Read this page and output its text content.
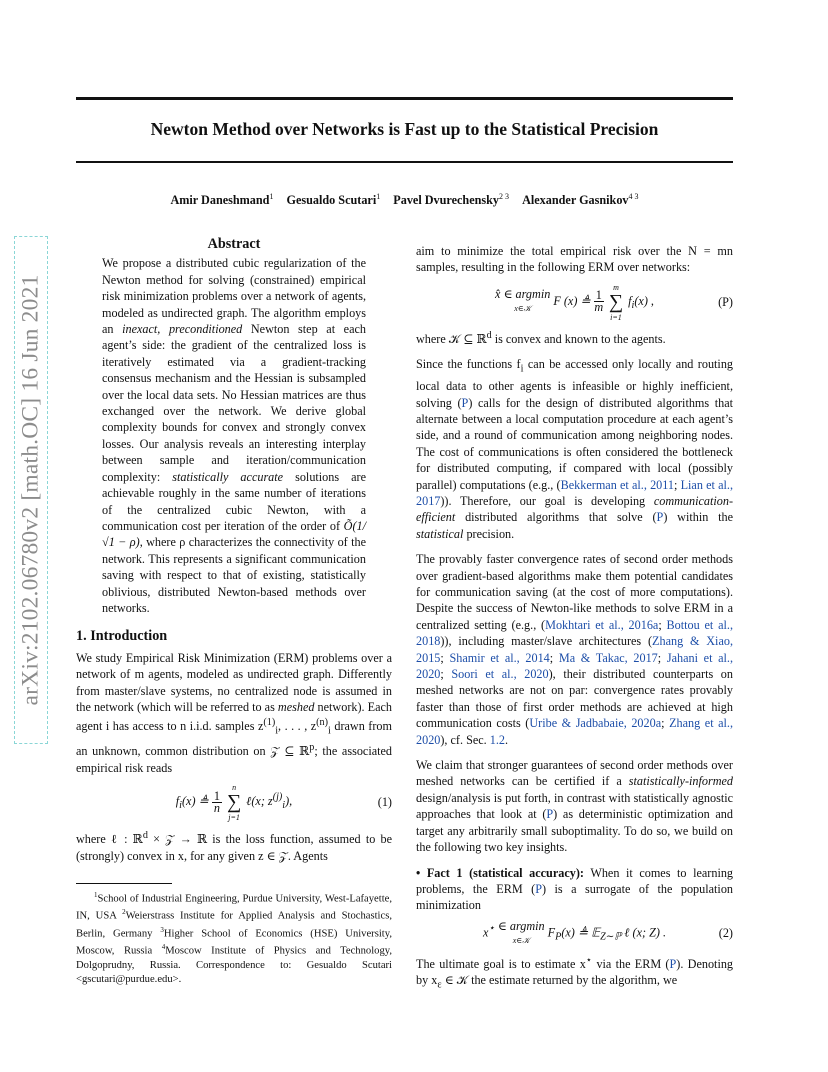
Newton Method over Networks is Fast up to the Statistical Precision
Amir Daneshmand$^1$ Gesualdo Scutari$^1$ Pavel Dvurechensky$^{2 3}$ Alexander Gasnikov$^{4 3}$
arXiv:2102.06780v2 [math.OC] 16 Jun 2021
Abstract

We propose a distributed cubic regularization of the Newton method for solving (constrained) empirical risk minimization problems over a network of agents, modeled as undirected graph. The algorithm employs an inexact, preconditioned Newton step at each agent’s side: the gradient of the centralized loss is iteratively estimated via a gradient-tracking consensus mechanism and the Hessian is subsampled over the local data sets. No Hessian matrices are thus exchanged over the network. We derive global complexity bounds for convex and strongly convex losses. Our analysis reveals an interesting interplay between sample and iteration/communication complexity: statistically accurate solutions are achievable roughly in the same number of iterations of the centralized cubic Newton, with a communication cost per iteration of the order of Õ(1/√1 − ρ), where ρ characterizes the connectivity of the network. This represents a significant communication saving with respect to that of existing, statistically oblivious, distributed Newton-based methods over networks.

1. Introduction

We study Empirical Risk Minimization (ERM) problems over a network of m agents, modeled as undirected graph. Differently from master/slave systems, no centralized node is assumed in the network (which will be referred to as meshed network). Each agent i has access to n i.i.d. samples $z^{(1)}_i$, . . . , $z^{(n)}_i$ drawn from an unknown, common distribution on 𝒵 ⊆ ℝ$^p$; the associated empirical risk reads

$f_i(x)$ ≜ $\frac{1}{n}$
n
∑
j=1 ℓ(x; $z^{(j)}_i$),	(1)

where ℓ : ℝ$^d$ × 𝒵 → ℝ is the loss function, assumed to be (strongly) convex in x, for any given z ∈ 𝒵. Agents

$^1$School of Industrial Engineering, Purdue University, West-Lafayette, IN, USA $^2$Weierstrass Institute for Applied Analysis and Stochastics, Berlin, Germany $^3$Higher School of Economics (HSE) University, Moscow, Russia $^4$Moscow Institute of Physics and Technology, Dolgoprudny, Russia. Correspondence to: Gesualdo Scutari <gscutari@purdue.edu>.

aim to minimize the total empirical risk over the N = mn samples, resulting in the following ERM over networks:

x̂ ∈ argmin
x∈𝒦 F (x) ≜ $\frac{1}{m}$
m
∑
i=1 $f_i(x)$ ,	(P)

where 𝒦 ⊆ ℝ$^d$ is convex and known to the agents.

Since the functions $f_i$ can be accessed only locally and routing local data to other agents is infeasible or highly inefficient, solving (P) calls for the design of distributed algorithms that alternate between a local computation procedure at each agent’s side, and a round of communication among neighboring nodes. The cost of communications is often considered the bottleneck for distributed computing, if compared with local (possibly parallel) computations (e.g., (Bekkerman et al., 2011; Lian et al., 2017)). Therefore, our goal is developing communication-efficient distributed algorithms that solve (P) within the statistical precision.

The provably faster convergence rates of second order methods over gradient-based algorithms make them potential candidates for communication saving (at the cost of more computations). Despite the success of Newton-like methods to solve ERM in a centralized setting (e.g., (Mokhtari et al., 2016a; Bottou et al., 2018)), including master/slave architectures (Zhang & Xiao, 2015; Shamir et al., 2014; Ma & Takac, 2017; Jahani et al., 2020; Soori et al., 2020), their distributed counterparts on meshed networks are not on par: convergence rates provably faster than those of first order methods are achieved at high communication costs (Uribe & Jadbabaie, 2020a; Zhang et al., 2020), cf. Sec. 1.2.

We claim that stronger guarantees of second order methods over meshed networks can be certified if a statistically-informed design/analysis is put forth, in contrast with statistically agnostic approaches that look at (P) as deterministic optimization and target any arbitrarily small suboptimality. To do so, we build on the following two key insights.

• Fact 1 (statistical accuracy): When it comes to learning problems, the ERM (P) is a surrogate of the population minimization

x⋆ ∈ argmin
x∈𝒦 $F_P(x)$ ≜ 𝔼$_{Z\sim ℙ}$ ℓ (x; Z) .	(2)

The ultimate goal is to estimate x⋆ via the ERM (P). Denoting by $x_\varepsilon$ ∈ 𝒦 the estimate returned by the algorithm, we
